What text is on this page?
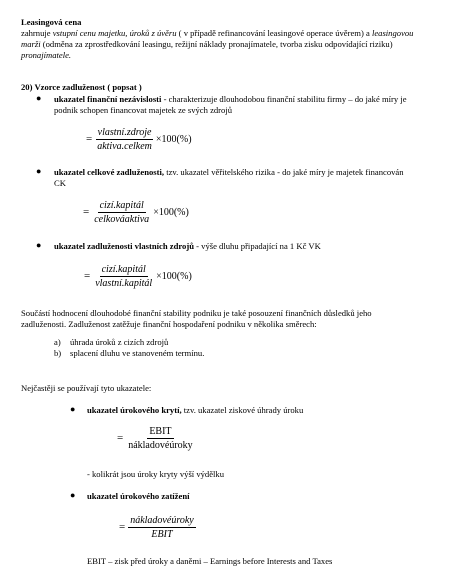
Leasingová cena
zahrnuje vstupní cenu majetku, úroků z úvěru ( v případě refinancování leasingové operace úvěrem) a leasingovou
marži (odměna za zprostředkování leasingu, režijní náklady pronajímatele, tvorba zisku odpovídající riziku)
pronajímatele.
20) Vzorce zadluženost ( popsat )
● ukazatel finanční nezávislosti - charakterizuje dlouhodobou finanční stabilitu firmy – do jaké míry je
podnik schopen financovat majetek ze svých zdrojů
= $\frac{\text{vlastní.zdroje}}{\text{aktiva.celkem}} \times 100(\%)$
● ukazatel celkové zadluženosti, tzv. ukazatel věřitelského rizika - do jaké míry je majetek financován
CK
= $\frac{\text{cizí.kapitál}}{\text{celkováaktiva}} \times 100(\%)$
● ukazatel zadluženosti vlastních zdrojů - výše dluhu připadající na 1 Kč VK
= $\frac{\text{cizí.kapitál}}{\text{vlastní.kapitál}} \times 100(\%)$
Součástí hodnocení dlouhodobé finanční stability podniku je také posouzení finančních důsledků jeho
zadluženosti. Zadluženost zatěžuje finanční hospodaření podniku v několika směrech:
a) úhrada úroků z cizích zdrojů
b) splacení dluhu ve stanoveném termínu.
Nejčastěji se používají tyto ukazatele:
● ukazatel úrokového krytí, tzv. ukazatel ziskové úhrady úroku
= $\frac{\text{EBIT}}{\text{nákladovéúroky}}$
- kolikrát jsou úroky kryty výší výdělku
● ukazatel úrokového zatížení
= $\frac{\text{nákladovéúroky}}{\text{EBIT}}$
EBIT – zisk před úroky a daněmi – Earnings before Interests and Taxes
